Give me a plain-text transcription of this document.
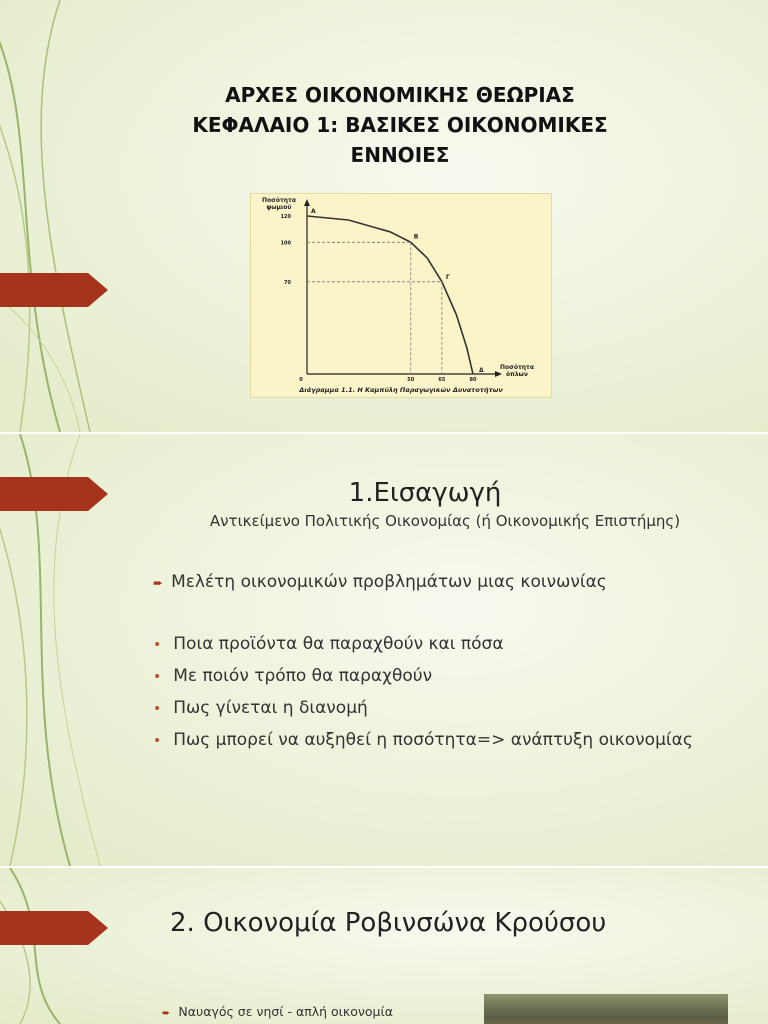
ΑΡΧΕΣ ΟΙΚΟΝΟΜΙΚΗΣ ΘΕΩΡΙΑΣ
ΚΕΦΑΛΑΙΟ 1: ΒΑΣΙΚΕΣ ΟΙΚΟΝΟΜΙΚΕΣ
ΕΝΝΟΙΕΣ
Ποσότητα
ψωμιού
Ποσότητα
όπλων
0
Διάγραμμα 1.1. Η Καμπύλη Παραγωγικών Δυνατοτήτων
120
100
70
50	65	80
Α
Β
Γ
Δ
1.Εισαγωγή
Αντικείμενο Πολιτικής Οικονομίας (ή Οικονομικής Επιστήμης)
➨ Μελέτη οικονομικών προβλημάτων μιας κοινωνίας
• Ποια προϊόντα θα παραχθούν και πόσα
• Με ποιόν τρόπο θα παραχθούν
• Πως γίνεται η διανομή
• Πως μπορεί να αυξηθεί η ποσότητα=> ανάπτυξη οικονομίας
2. Οικονομία Ροβινσώνα Κρούσου
➨ Ναυαγός σε νησί - απλή οικονομία
